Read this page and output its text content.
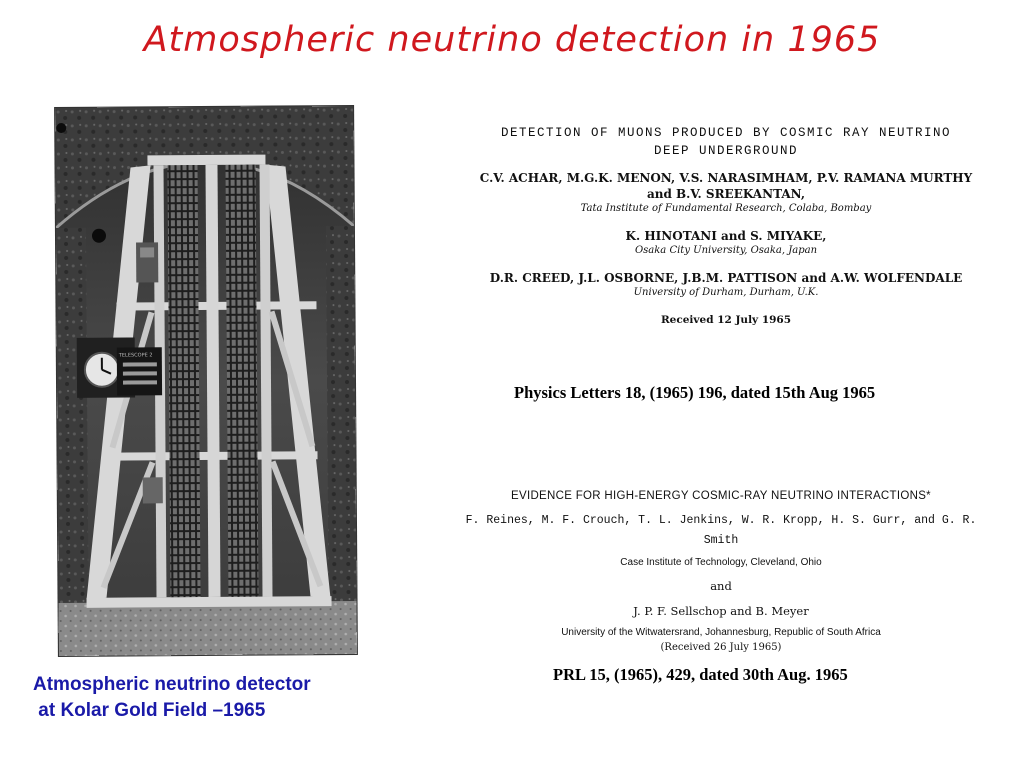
Atmospheric neutrino detection in 1965
TELESCOPE 2
Atmospheric neutrino detector
at Kolar Gold Field –1965
DETECTION OF MUONS PRODUCED BY COSMIC RAY NEUTRINO
DEEP UNDERGROUND
C.V. ACHAR, M.G.K. MENON, V.S. NARASIMHAM, P.V. RAMANA MURTHY
and B.V. SREEKANTAN,
Tata Institute of Fundamental Research, Colaba, Bombay
K. HINOTANI and S. MIYAKE,
Osaka City University, Osaka, Japan
D.R. CREED, J.L. OSBORNE, J.B.M. PATTISON and A.W. WOLFENDALE
University of Durham, Durham, U.K.
Received 12 July 1965
Physics Letters 18, (1965) 196, dated 15th Aug 1965
EVIDENCE FOR HIGH-ENERGY COSMIC-RAY NEUTRINO INTERACTIONS*
F. Reines, M. F. Crouch, T. L. Jenkins, W. R. Kropp, H. S. Gurr, and G. R. Smith
Case Institute of Technology, Cleveland, Ohio
and
J. P. F. Sellschop and B. Meyer
University of the Witwatersrand, Johannesburg, Republic of South Africa
(Received 26 July 1965)
PRL 15, (1965), 429, dated 30th Aug. 1965
